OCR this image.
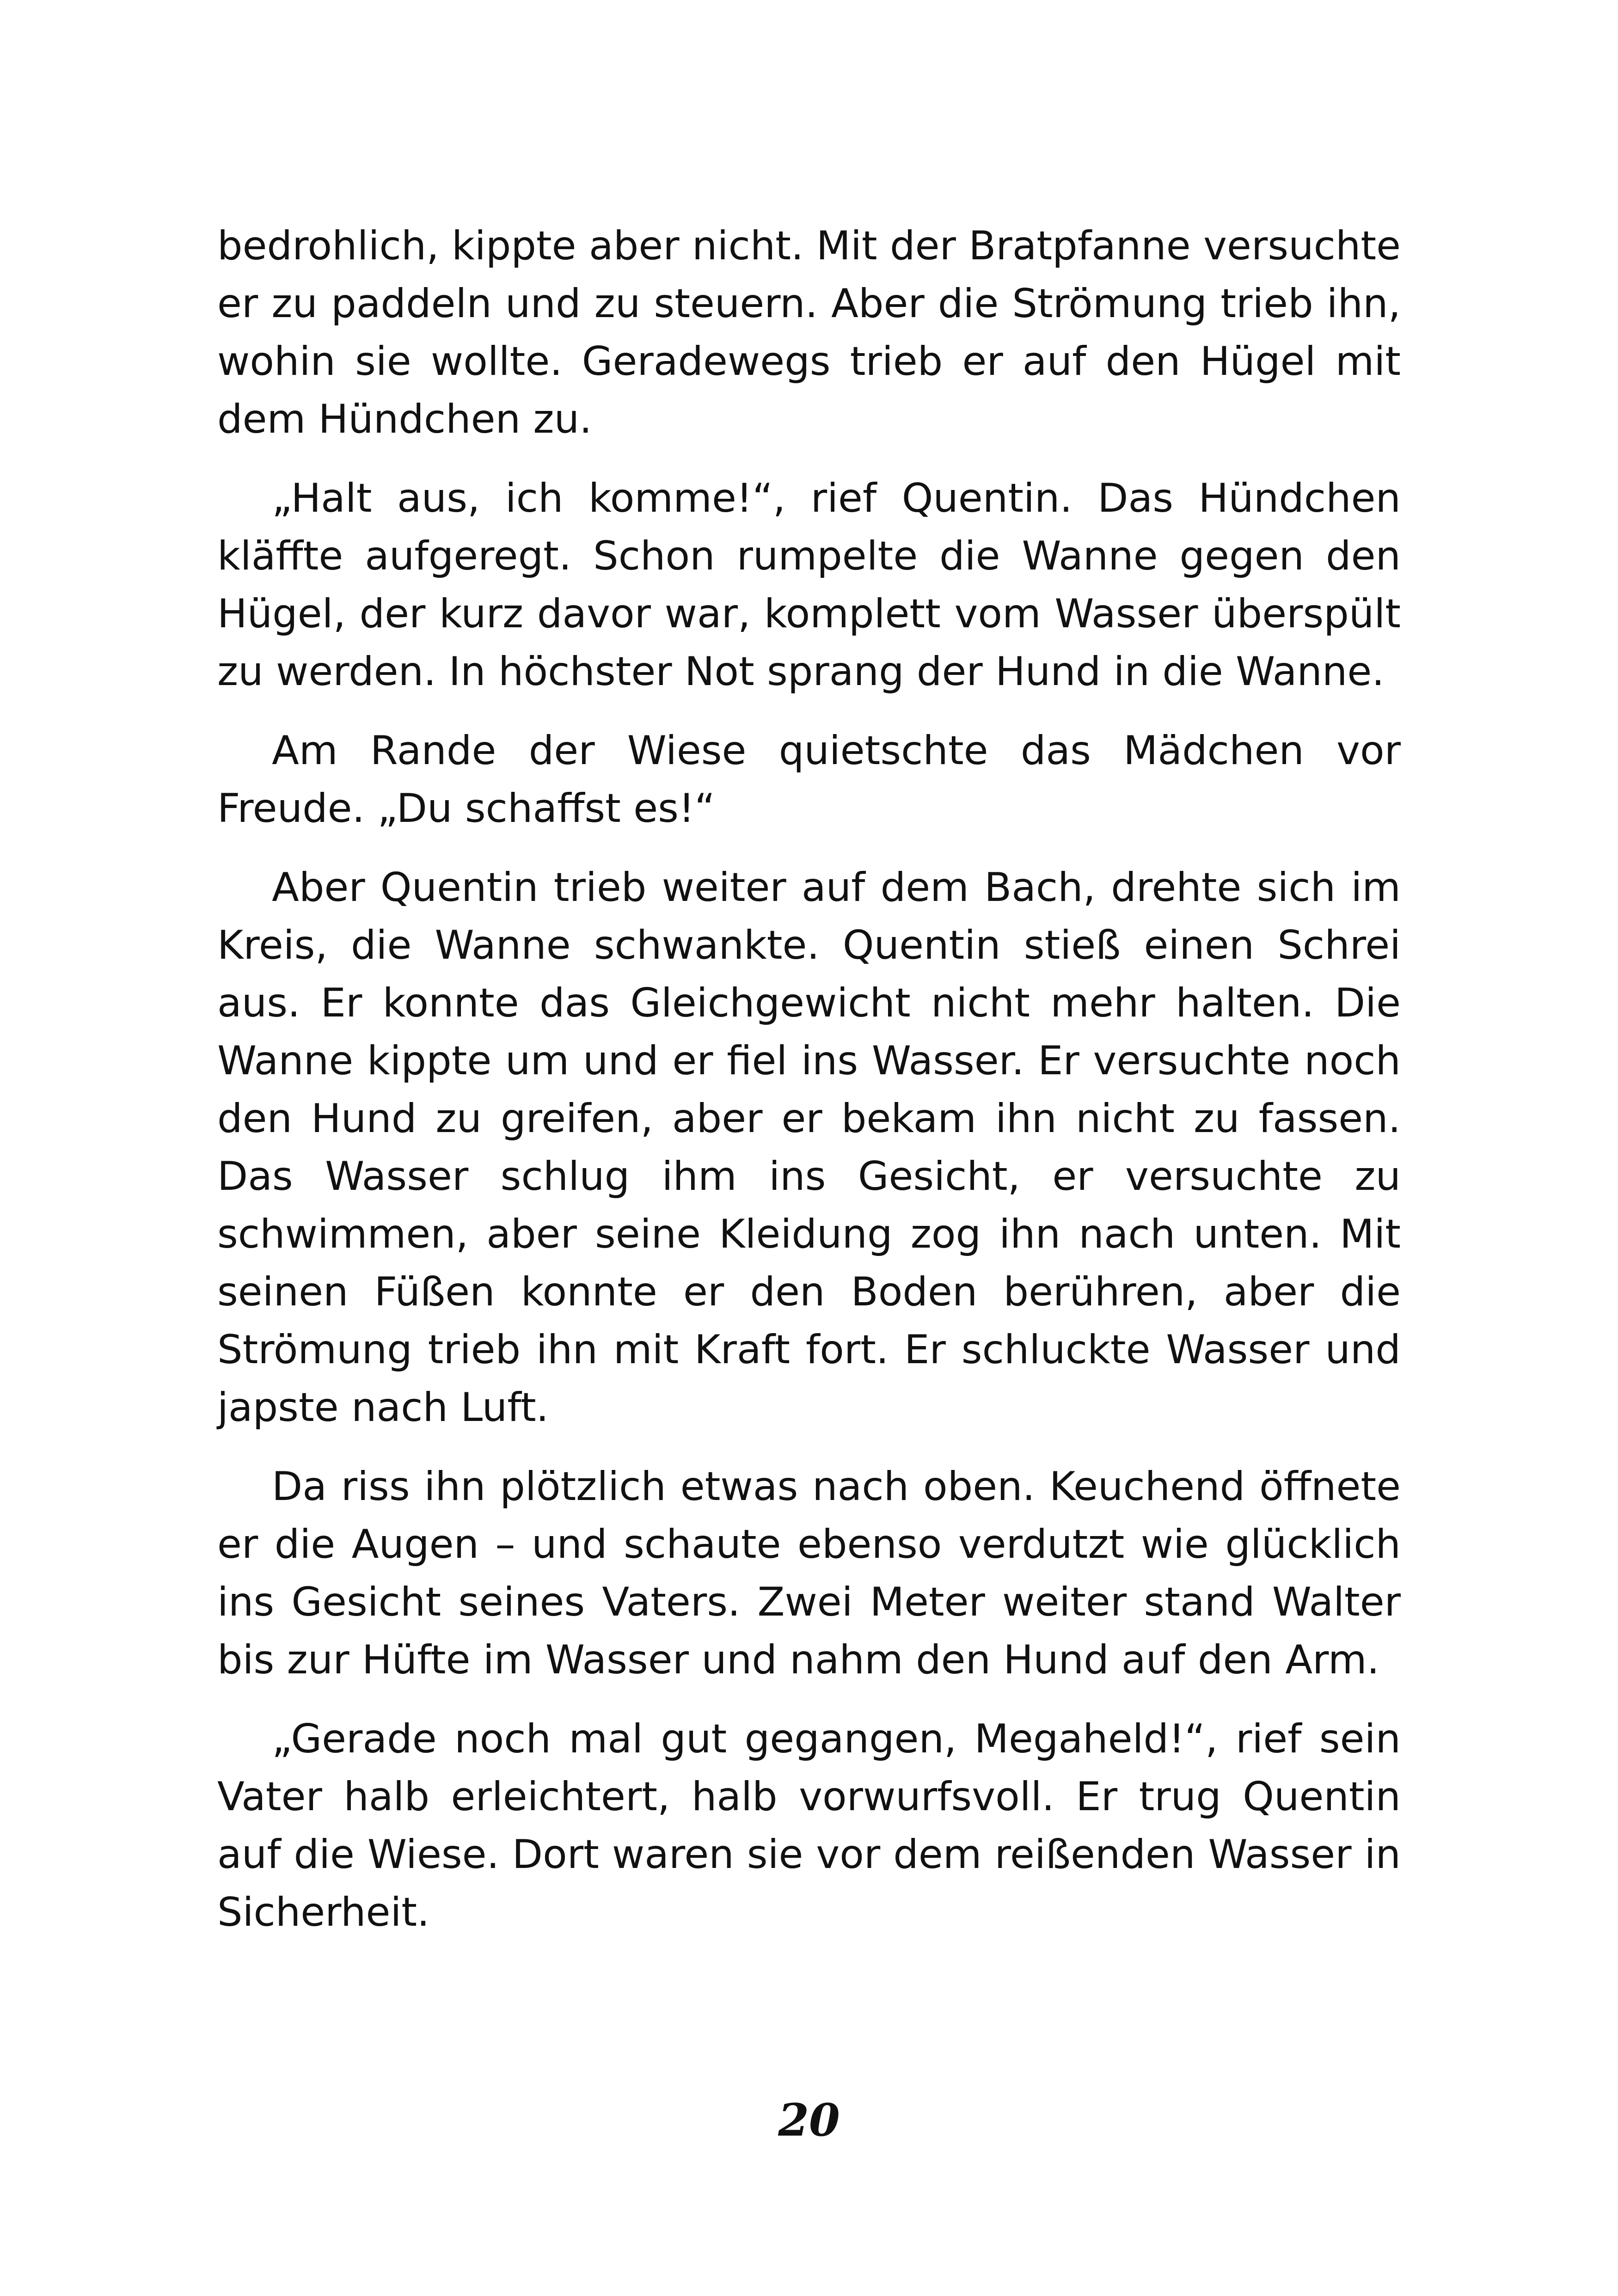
bedrohlich, kippte aber nicht. Mit der Bratpfanne versuchte er zu paddeln und zu steuern. Aber die Strömung trieb ihn, wohin sie wollte. Geradewegs trieb er auf den Hügel mit dem Hündchen zu.

„Halt aus, ich komme!“, rief Quentin. Das Hündchen kläffte aufgeregt. Schon rumpelte die Wanne gegen den Hügel, der kurz davor war, komplett vom Wasser überspült zu werden. In höchster Not sprang der Hund in die Wanne.

Am Rande der Wiese quietschte das Mädchen vor Freude. „Du schaffst es!“

Aber Quentin trieb weiter auf dem Bach, drehte sich im Kreis, die Wanne schwankte. Quentin stieß einen Schrei aus. Er konnte das Gleichgewicht nicht mehr halten. Die Wanne kippte um und er fiel ins Wasser. Er versuchte noch den Hund zu greifen, aber er bekam ihn nicht zu fassen. Das Wasser schlug ihm ins Gesicht, er versuchte zu schwimmen, aber seine Kleidung zog ihn nach unten. Mit seinen Füßen konnte er den Boden berühren, aber die Strömung trieb ihn mit Kraft fort. Er schluckte Wasser und japste nach Luft.

Da riss ihn plötzlich etwas nach oben. Keuchend öffnete er die Augen – und schaute ebenso verdutzt wie glücklich ins Gesicht seines Vaters. Zwei Meter weiter stand Walter bis zur Hüfte im Wasser und nahm den Hund auf den Arm.

„Gerade noch mal gut gegangen, Megaheld!“, rief sein Vater halb erleichtert, halb vorwurfsvoll. Er trug Quentin auf die Wiese. Dort waren sie vor dem reißenden Wasser in Sicherheit.

20
